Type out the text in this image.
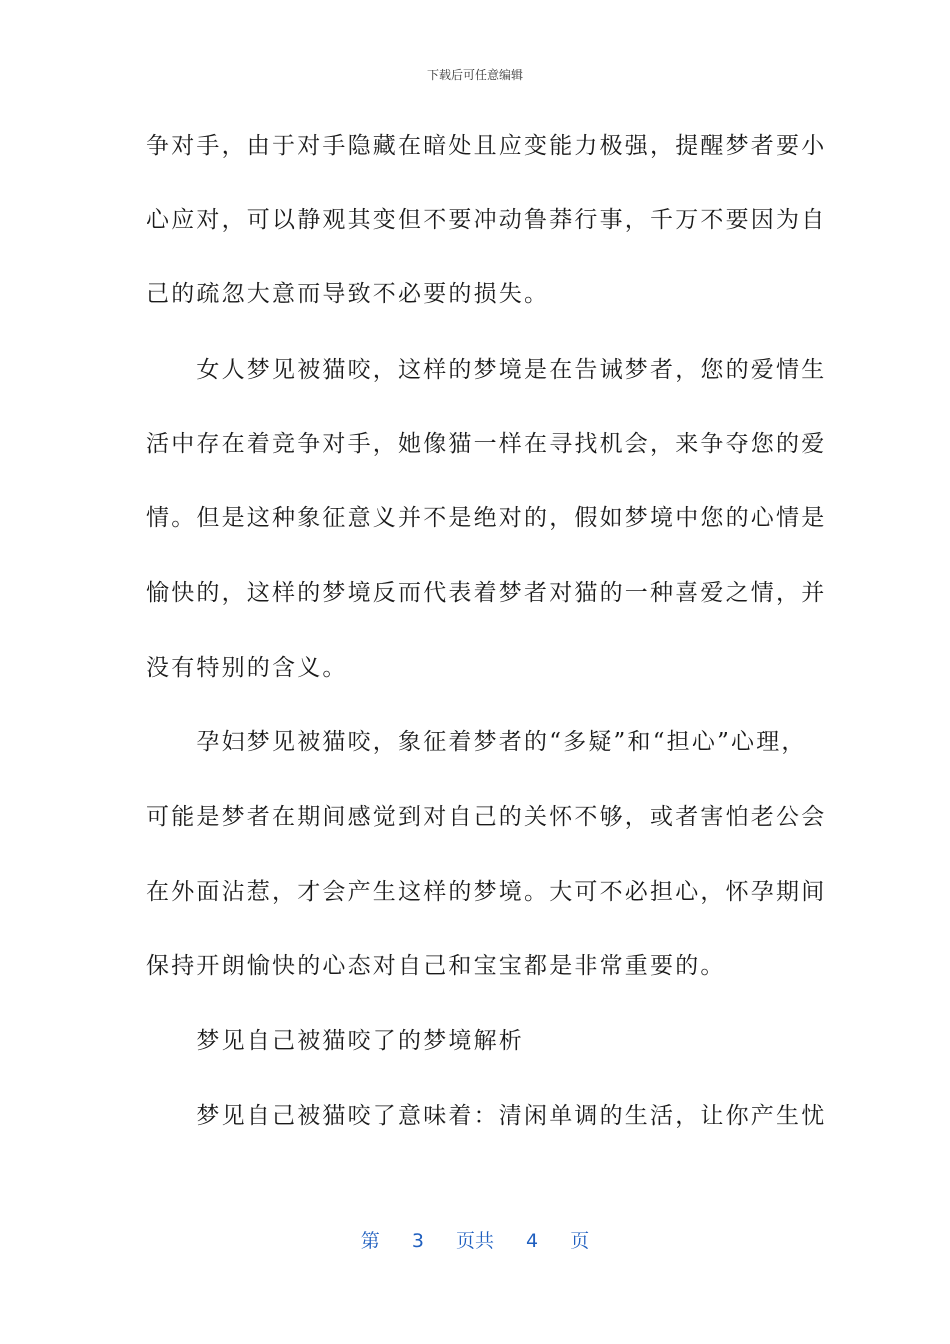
下载后可任意编辑
争对手，由于对手隐藏在暗处且应变能力极强，提醒梦者要小
心应对，可以静观其变但不要冲动鲁莽行事，千万不要因为自
己的疏忽大意而导致不必要的损失。
　　女人梦见被猫咬，这样的梦境是在告诫梦者，您的爱情生
活中存在着竞争对手，她像猫一样在寻找机会，来争夺您的爱
情。但是这种象征意义并不是绝对的，假如梦境中您的心情是
愉快的，这样的梦境反而代表着梦者对猫的一种喜爱之情，并
没有特别的含义。
　　孕妇梦见被猫咬，象征着梦者的“多疑”和“担心”心理，
可能是梦者在期间感觉到对自己的关怀不够，或者害怕老公会
在外面沾惹，才会产生这样的梦境。大可不必担心，怀孕期间
保持开朗愉快的心态对自己和宝宝都是非常重要的。
　　梦见自己被猫咬了的梦境解析
　　梦见自己被猫咬了意味着：清闲单调的生活，让你产生忧
第 3 页共 4 页
